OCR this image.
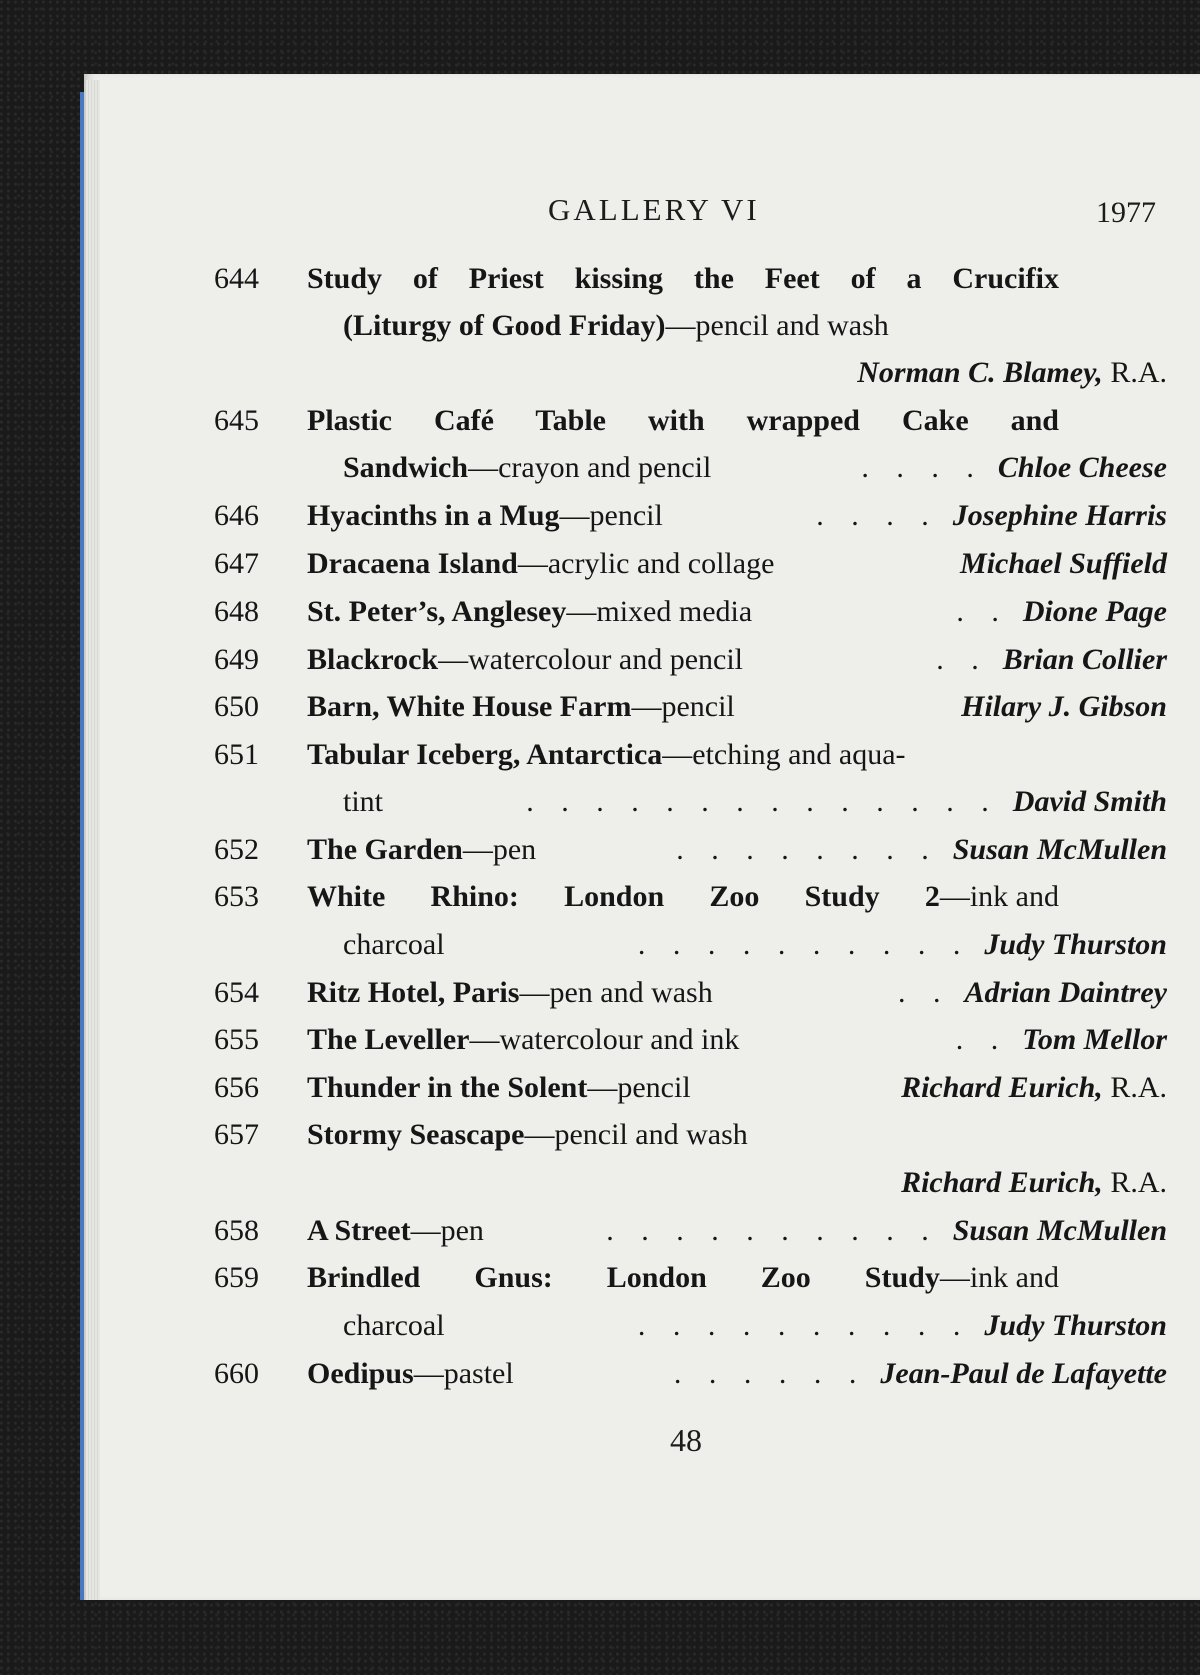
GALLERY VI	1977
644 Study of Priest kissing the Feet of a Crucifix
(Liturgy of Good Friday)—pencil and wash
Norman C. Blamey, R.A.
645 Plastic Café Table with wrapped Cake and
Sandwich—crayon and pencil	. . . . Chloe Cheese
646 Hyacinths in a Mug—pencil	. . . . Josephine Harris
647 Dracaena Island—acrylic and collage	Michael Suffield
648 St. Peter’s, Anglesey—mixed media	. . Dione Page
649 Blackrock—watercolour and pencil	. . Brian Collier
650 Barn, White House Farm—pencil	Hilary J. Gibson
651 Tabular Iceberg, Antarctica—etching and aqua-
tint	. . . . . . . . . . . . . . David Smith
652 The Garden—pen	. . . . . . . . Susan McMullen
653 White Rhino: London Zoo Study 2 —ink and
charcoal	. . . . . . . . . . Judy Thurston
654 Ritz Hotel, Paris—pen and wash	. . Adrian Daintrey
655 The Leveller—watercolour and ink	. . Tom Mellor
656 Thunder in the Solent—pencil	Richard Eurich, R.A.
657 Stormy Seascape—pencil and wash
Richard Eurich, R.A.
658 A Street—pen	. . . . . . . . . . Susan McMullen
659 Brindled Gnus: London Zoo Study —ink and
charcoal	. . . . . . . . . . Judy Thurston
660 Oedipus—pastel	. . . . . . Jean-Paul de Lafayette
48
